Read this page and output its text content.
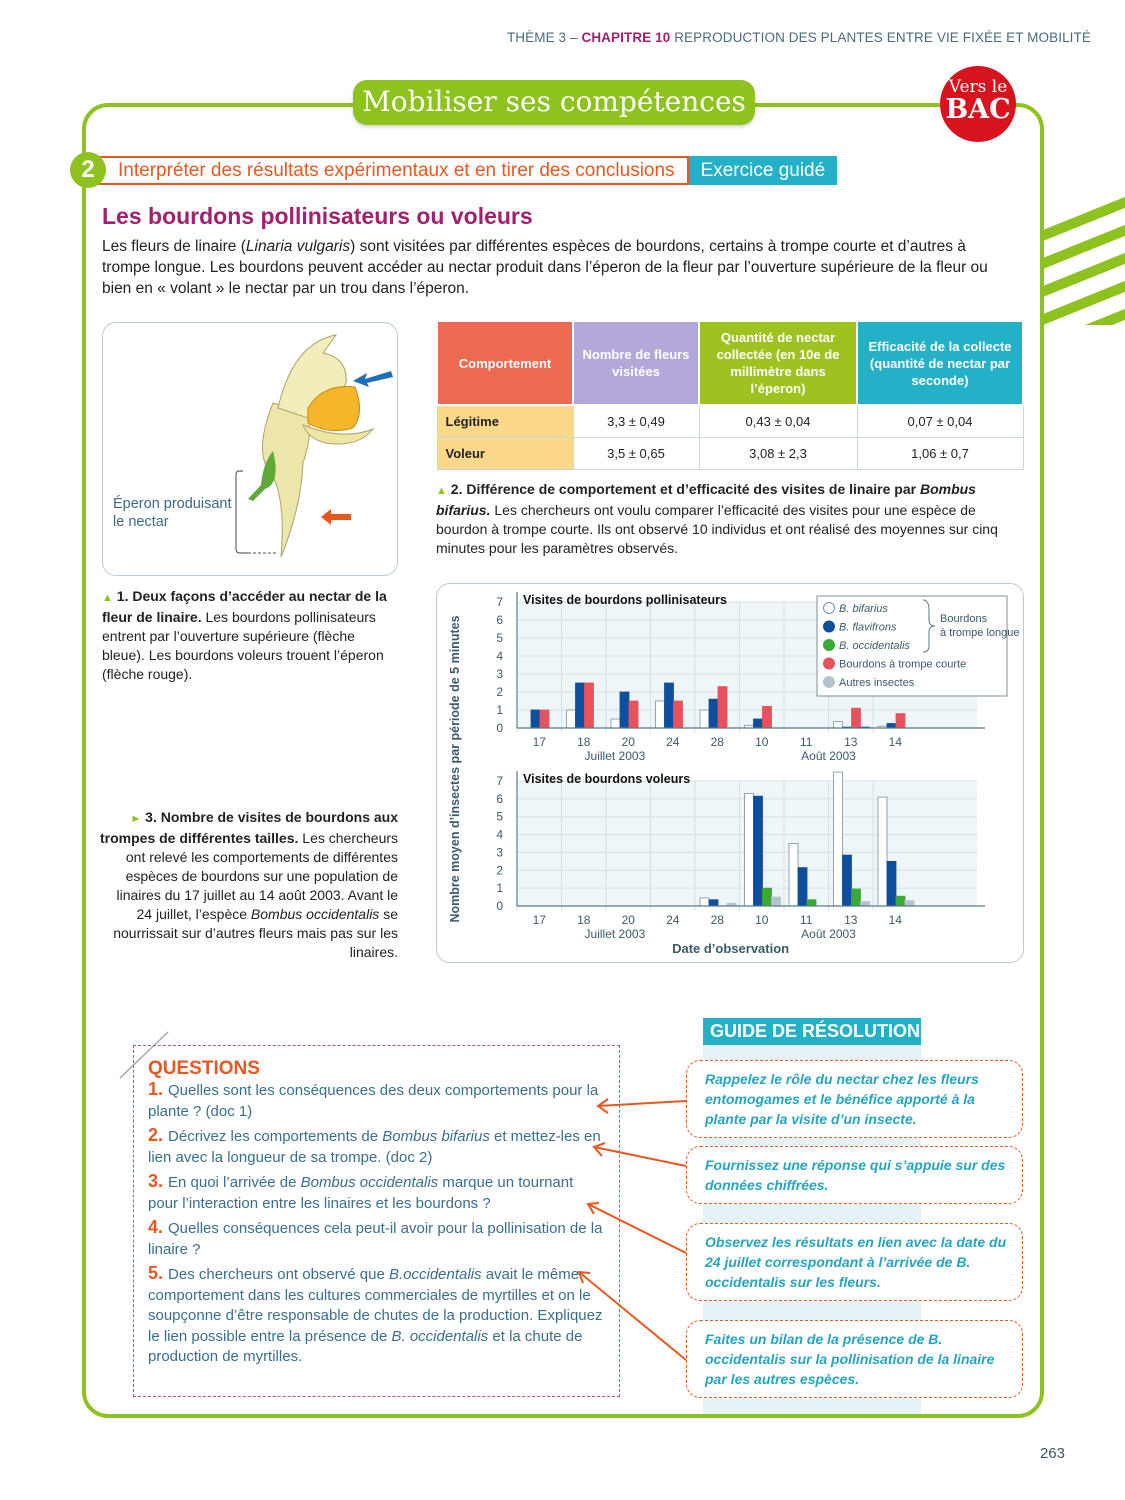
THÈME 3 – CHAPITRE 10 REPRODUCTION DES PLANTES ENTRE VIE FIXÉE ET MOBILITÉ
Mobiliser ses compétences	Vers le
BAC
2	Interpréter des résultats expérimentaux et en tirer des conclusions	Exercice guidé
Les bourdons pollinisateurs ou voleurs

Les fleurs de linaire (Linaria vulgaris) sont visitées par différentes espèces de bourdons, certains à trompe courte et d’autres à trompe longue. Les bourdons peuvent accéder au nectar produit dans l’éperon de la fleur par l’ouverture supérieure de la fleur ou bien en « volant » le nectar par un trou dans l’éperon.

Éperon produisant le nectar
▲ 1. Deux façons d’accéder au nectar de la fleur de linaire. Les bourdons pollinisateurs entrent par l’ouverture supérieure (flèche bleue). Les bourdons voleurs trouent l’éperon (flèche rouge).
Comportement	Nombre de fleurs visitées	Quantité de nectar collectée (en 10e de millimètre dans l’éperon)	Efficacité de la collecte (quantité de nectar par seconde)
Légitime	3,3 ± 0,49	0,43 ± 0,04	0,07 ± 0,04
Voleur	3,5 ± 0,65	3,08 ± 2,3	1,06 ± 0,7
▲ 2. Différence de comportement et d’efficacité des visites de linaire par Bombus bifarius. Les chercheurs ont voulu comparer l’efficacité des visites pour une espèce de bourdon à trompe courte. Ils ont observé 10 individus et ont réalisé des moyennes sur cinq minutes pour les paramètres observés.
0
1
2
3
4
5
6
7
17	18	20	24	28	10	11	13	14
Visites de bourdons pollinisateurs
Juillet 2003	Août 2003
0
1
2
3
4
5
6
7
17	18	20	24	28	10	11	13	14
Visites de bourdons voleurs
Juillet 2003	Août 2003
Date d’observation
Nombre moyen d’insectes par période de 5 minutes
B. bifarius
B. flavifrons
B. occidentalis
Bourdons à trompe courte
Autres insectes
Bourdons
à trompe longue
► 3. Nombre de visites de bourdons aux trompes de différentes tailles. Les chercheurs ont relevé les comportements de différentes espèces de bourdons sur une population de linaires du 17 juillet au 14 août 2003. Avant le 24 juillet, l’espèce Bombus occidentalis se nourrissait sur d’autres fleurs mais pas sur les linaires.
QUESTIONS
1. Quelles sont les conséquences des deux comportements pour la plante ? (doc 1)
2. Décrivez les comportements de Bombus bifarius et mettez-les en lien avec la longueur de sa trompe. (doc 2)
3. En quoi l’arrivée de Bombus occidentalis marque un tournant pour l’interaction entre les linaires et les bourdons ?
4. Quelles conséquences cela peut-il avoir pour la pollinisation de la linaire ?
5. Des chercheurs ont observé que B.occidentalis avait le même comportement dans les cultures commerciales de myrtilles et on le soupçonne d’être responsable de chutes de la production. Expliquez le lien possible entre la présence de B. occidentalis et la chute de production de myrtilles.
GUIDE DE RÉSOLUTION
Rappelez le rôle du nectar chez les fleurs entomogames et le bénéfice apporté à la plante par la visite d’un insecte.
Fournissez une réponse qui s’appuie sur des données chiffrées.
Observez les résultats en lien avec la date du 24 juillet correspondant à l’arrivée de B. occidentalis sur les fleurs.
Faites un bilan de la présence de B. occidentalis sur la pollinisation de la linaire par les autres espèces.
263
